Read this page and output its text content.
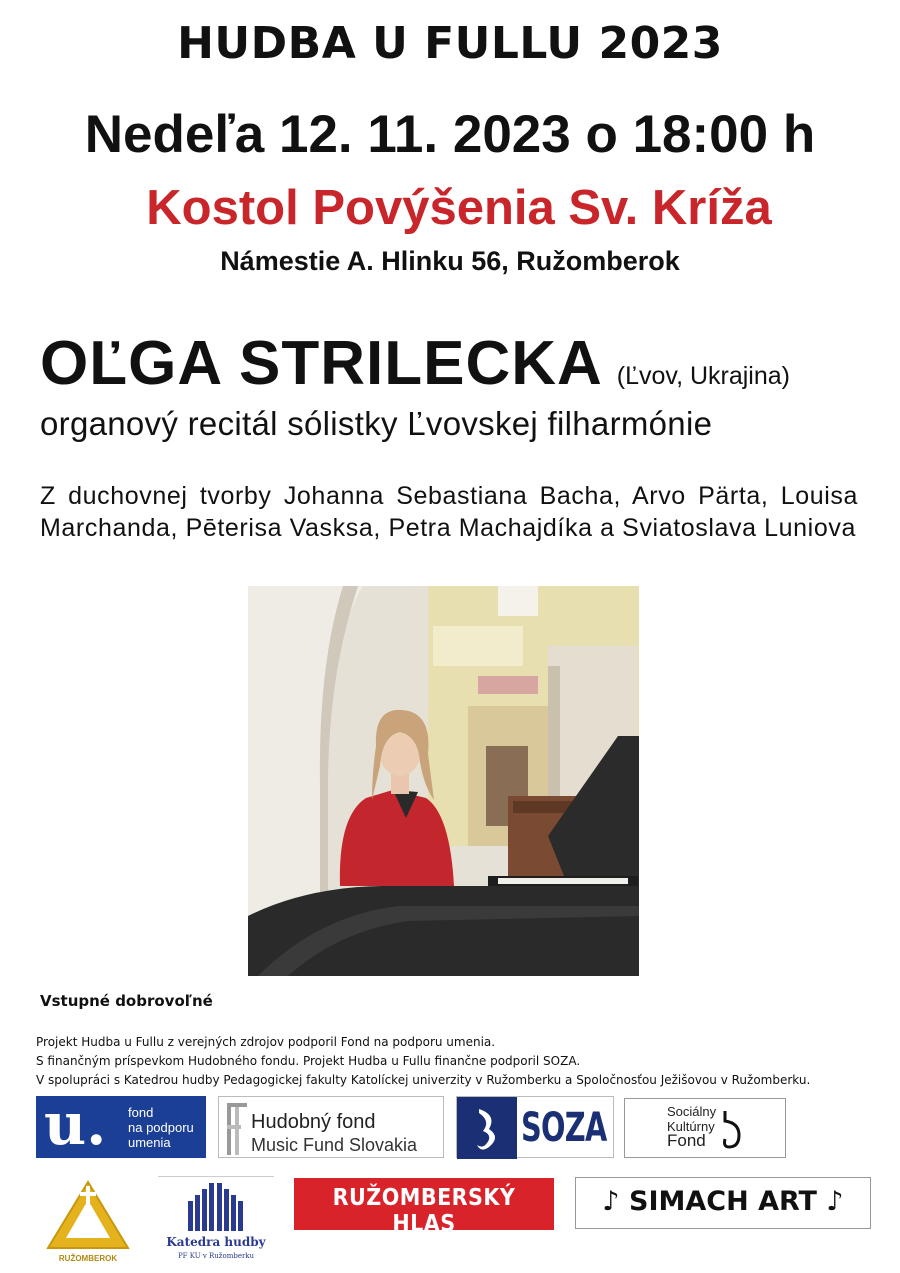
HUDBA U FULLU 2023
Nedeľa 12. 11. 2023 o 18:00 h
Kostol Povýšenia Sv. Kríža
Námestie A. Hlinku 56, Ružomberok
OĽGA STRILECKA (Ľvov, Ukrajina)
organový recitál sólistky Ľvovskej filharmónie
Z duchovnej tvorby Johanna Sebastiana Bacha, Arvo Pärta, Louisa Marchanda, Pēterisa Vasksa, Petra Machajdíka a Sviatoslava Luniova
Vstupné dobrovoľné
Projekt Hudba u Fullu z verejných zdrojov podporil Fond na podporu umenia.
S finančným príspevkom Hudobného fondu. Projekt Hudba u Fullu finančne podporil SOZA.
V spolupráci s Katedrou hudby Pedagogickej fakulty Katolíckej univerzity v Ružomberku a Spoločnosťou Ježišovou v Ružomberku.
u. fond
na podporu
umenia
Hudobný fond
Music Fund Slovakia	SOZA	Sociálny
Kultúrny
Fond
RUŽOMBEROK
Katedra hudby
PF KU v Ružomberku
RUŽOMBERSKÝ HLAS
♪ SIMACH ART ♪
